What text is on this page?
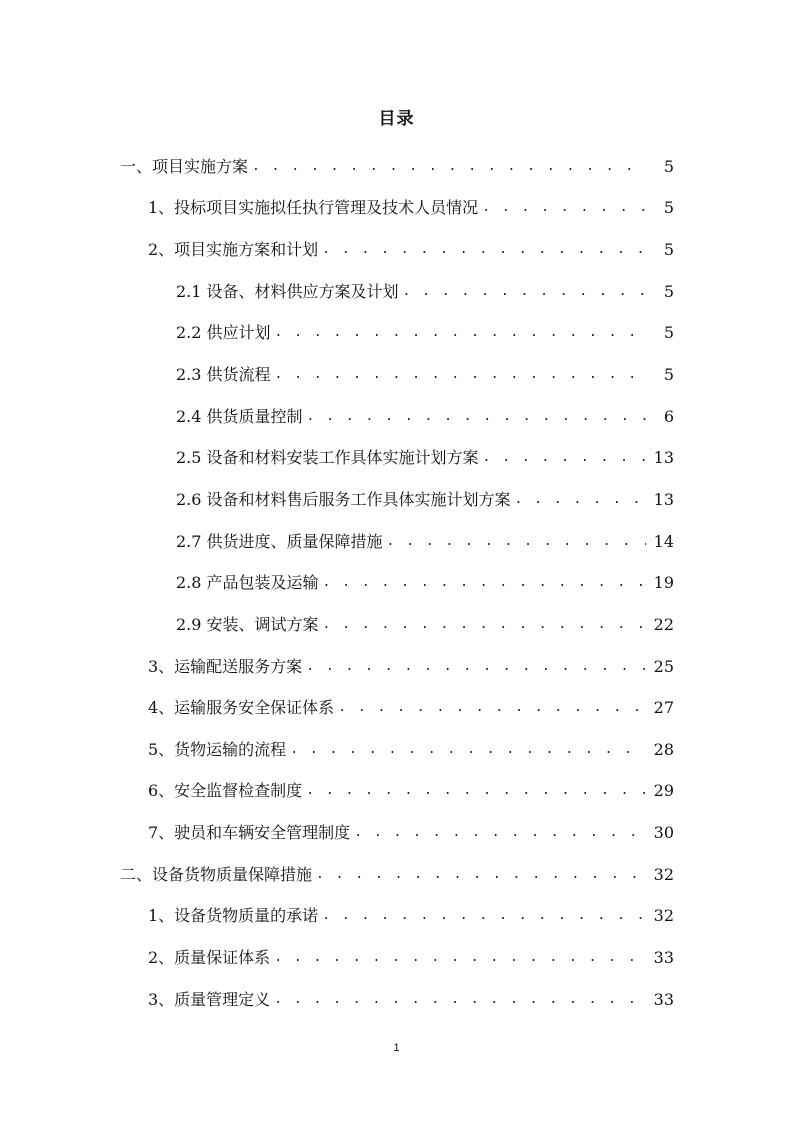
目录
一、项目实施方案 . . .	5
1、投标项目实施拟任执行管理及技术人员情况 . . .	5
2、项目实施方案和计划 . . .	5
2.1 设备、材料供应方案及计划 . . .	5
2.2 供应计划 . . .	5
2.3 供货流程 . . .	5
2.4 供货质量控制 . . .	6
2.5 设备和材料安装工作具体实施计划方案 . . .	13
2.6 设备和材料售后服务工作具体实施计划方案 . . .	13
2.7 供货进度、质量保障措施 . . .	14
2.8 产品包装及运输 . . .	19
2.9 安装、调试方案 . . .	22
3、运输配送服务方案 . . .	25
4、运输服务安全保证体系 . . .	27
5、货物运输的流程 . . .	28
6、安全监督检查制度 . . .	29
7、驶员和车辆安全管理制度 . . .	30
二、设备货物质量保障措施 . . .	32
1、设备货物质量的承诺 . . .	32
2、质量保证体系 . . .	33
3、质量管理定义 . . .	33
1
